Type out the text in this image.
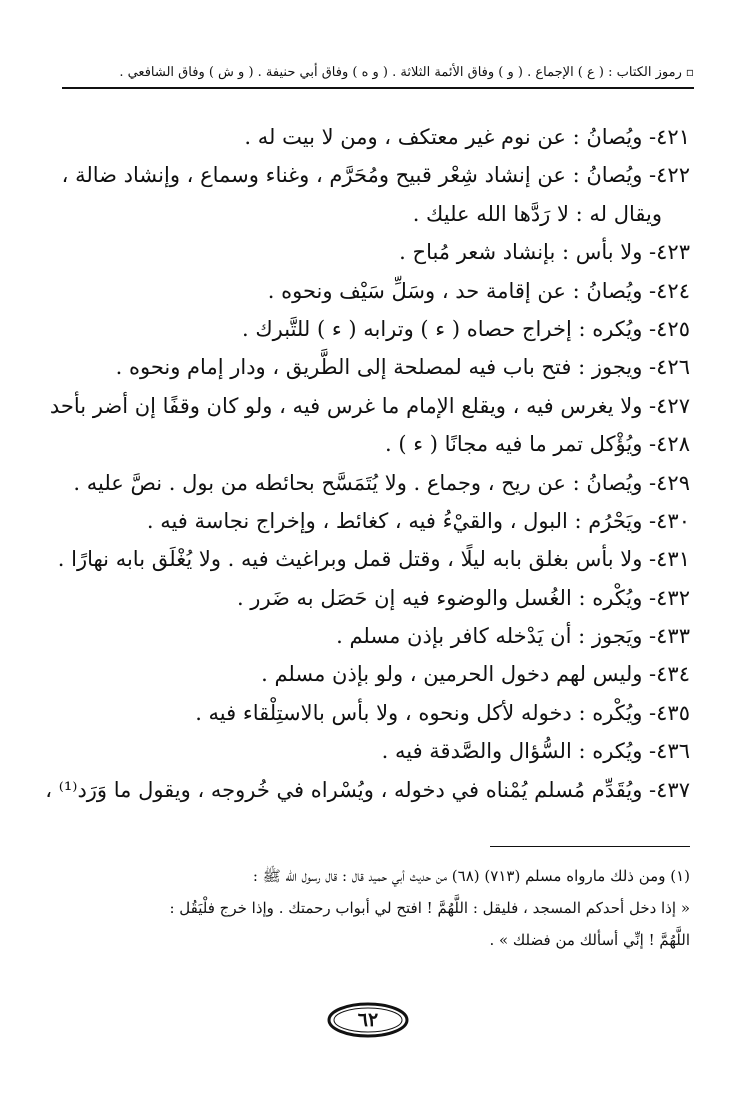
▫رموز الكتاب : ( ع ) الإجماع . ( و ) وفاق الأئمة الثلاثة . ( و ه ) وفاق أبي حنيفة . ( و ش ) وفاق الشافعي .
٤٢١- ويُصانُ : عن نوم غير معتكف ، ومن لا بيت له .
٤٢٢- ويُصانُ : عن إنشاد شِعْر قبيح ومُحَرَّم ، وغناء وسماع ، وإنشاد ضالة ،
ويقال له : لا رَدَّها الله عليك .
٤٢٣- ولا بأس : بإنشاد شعر مُباح .
٤٢٤- ويُصانُ : عن إقامة حد ، وسَلِّ سَيْف ونحوه .
٤٢٥- ويُكره : إخراج حصاه ( ء ) وترابه ( ء ) للتَّبرك .
٤٢٦- ويجوز : فتح باب فيه لمصلحة إلى الطَّريق ، ودار إمام ونحوه .
٤٢٧- ولا يغرس فيه ، ويقلع الإمام ما غرس فيه ، ولو كان وقفًا إن أضر بأحد
٤٢٨- ويُؤْكل تمر ما فيه مجانًا ( ء ) .
٤٢٩- ويُصانُ : عن ريح ، وجماع . ولا يُتَمَسَّح بحائطه من بول . نصَّ عليه .
٤٣٠- ويَحْرُم : البول ، والقيْءُ فيه ، كغائط ، وإخراج نجاسة فيه .
٤٣١- ولا بأس بغلق بابه ليلًا ، وقتل قمل وبراغيث فيه . ولا يُغْلَق بابه نهارًا .
٤٣٢- ويُكْره : الغُسل والوضوء فيه إن حَصَل به ضَرر .
٤٣٣- ويَجوز : أن يَدْخله كافر بإذن مسلم .
٤٣٤- وليس لهم دخول الحرمين ، ولو بإذن مسلم .
٤٣٥- ويُكْره : دخوله لأكل ونحوه ، ولا بأس بالاستِلْقاء فيه .
٤٣٦- ويُكره : السُّؤال والصَّدقة فيه .
٤٣٧- ويُقَدِّم مُسلم يُمْناه في دخوله ، ويُسْراه في خُروجه ، ويقول ما وَرَد⁽¹⁾ ،
(١) ومن ذلك مارواه مسلم (٧١٣) (٦٨) من حديث أبي حميد قال : قال رسول الله ﷺ :
« إذا دخل أحدكم المسجد ، فليقل : اللَّهُمَّ ! افتح لي أبواب رحمتك . وإذا خرج فلْيَقُل :
اللَّهُمَّ ! إنِّي أسألك من فضلك » .
٦٢
